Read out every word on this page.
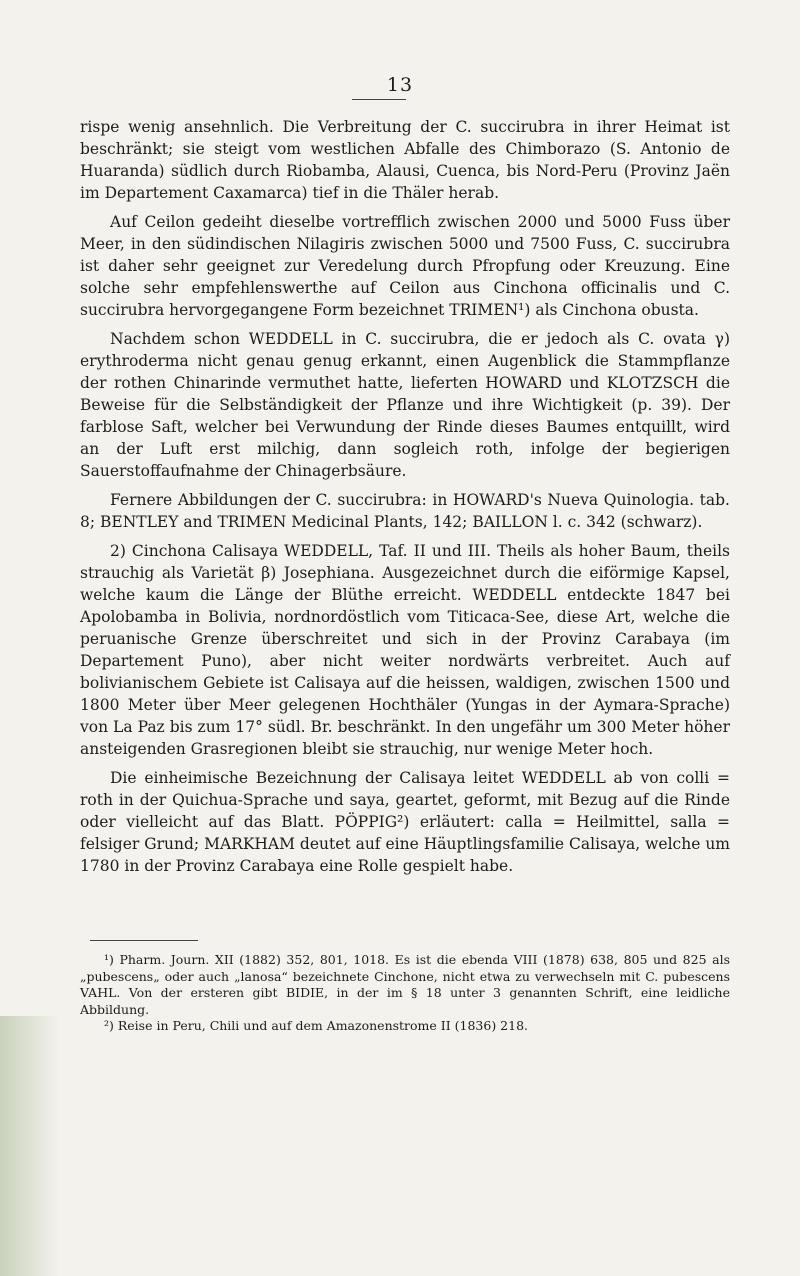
13

rispe wenig ansehnlich. Die Verbreitung der C. succirubra in ihrer Heimat ist beschränkt; sie steigt vom westlichen Abfalle des Chimborazo (S. Antonio de Huaranda) südlich durch Riobamba, Alausi, Cuenca, bis Nord-Peru (Provinz Jaën im Departement Caxamarca) tief in die Thäler herab.

Auf Ceilon gedeiht dieselbe vortrefflich zwischen 2000 und 5000 Fuss über Meer, in den südindischen Nilagiris zwischen 5000 und 7500 Fuss, C. succirubra ist daher sehr geeignet zur Veredelung durch Pfropfung oder Kreuzung. Eine solche sehr empfehlenswerthe auf Ceilon aus Cinchona officinalis und C. succirubra hervorgegangene Form bezeichnet TRIMEN¹) als Cinchona obusta.

Nachdem schon WEDDELL in C. succirubra, die er jedoch als C. ovata γ) erythroderma nicht genau genug erkannt, einen Augenblick die Stammpflanze der rothen Chinarinde vermuthet hatte, lieferten HOWARD und KLOTZSCH die Beweise für die Selbständigkeit der Pflanze und ihre Wichtigkeit (p. 39). Der farblose Saft, welcher bei Verwundung der Rinde dieses Baumes entquillt, wird an der Luft erst milchig, dann sogleich roth, infolge der begierigen Sauerstoffaufnahme der Chinagerbsäure.

Fernere Abbildungen der C. succirubra: in HOWARD's Nueva Quinologia. tab. 8; BENTLEY and TRIMEN Medicinal Plants, 142; BAILLON l. c. 342 (schwarz).

2) Cinchona Calisaya WEDDELL, Taf. II und III. Theils als hoher Baum, theils strauchig als Varietät β) Josephiana. Ausgezeichnet durch die eiförmige Kapsel, welche kaum die Länge der Blüthe erreicht. WEDDELL entdeckte 1847 bei Apolobamba in Bolivia, nordnordöstlich vom Titicaca-See, diese Art, welche die peruanische Grenze überschreitet und sich in der Provinz Carabaya (im Departement Puno), aber nicht weiter nordwärts verbreitet. Auch auf bolivianischem Gebiete ist Calisaya auf die heissen, waldigen, zwischen 1500 und 1800 Meter über Meer gelegenen Hochthäler (Yungas in der Aymara-Sprache) von La Paz bis zum 17° südl. Br. beschränkt. In den ungefähr um 300 Meter höher ansteigenden Grasregionen bleibt sie strauchig, nur wenige Meter hoch.

Die einheimische Bezeichnung der Calisaya leitet WEDDELL ab von colli = roth in der Quichua-Sprache und saya, geartet, geformt, mit Bezug auf die Rinde oder vielleicht auf das Blatt. PÖPPIG²) erläutert: calla = Heilmittel, salla = felsiger Grund; MARKHAM deutet auf eine Häuptlingsfamilie Calisaya, welche um 1780 in der Provinz Carabaya eine Rolle gespielt habe.

¹) Pharm. Journ. XII (1882) 352, 801, 1018. Es ist die ebenda VIII (1878) 638, 805 und 825 als „pubescens„ oder auch „lanosa“ bezeichnete Cinchone, nicht etwa zu verwechseln mit C. pubescens VAHL. Von der ersteren gibt BIDIE, in der im § 18 unter 3 genannten Schrift, eine leidliche Abbildung.

²) Reise in Peru, Chili und auf dem Amazonenstrome II (1836) 218.
